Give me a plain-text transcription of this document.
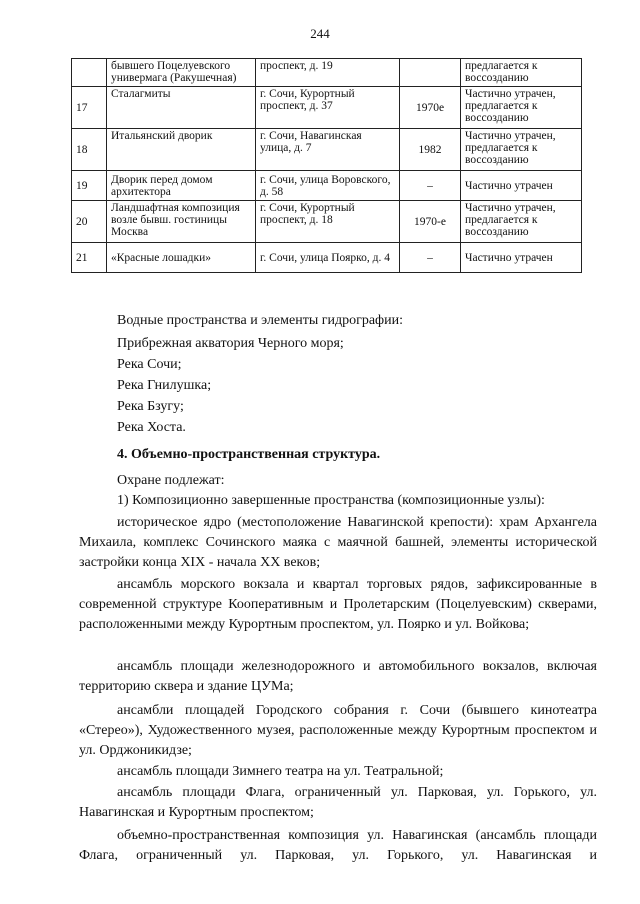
244
	бывшего Поцелуевского универмага (Ракушечная)	проспект, д. 19		предлагается к воссозданию
17	Сталагмиты	г. Сочи, Курортный проспект, д. 37	1970е	Частично утрачен, предлагается к воссозданию
18	Итальянский дворик	г. Сочи, Навагинская улица, д. 7	1982	Частично утрачен, предлагается к воссозданию
19	Дворик перед домом архитектора	г. Сочи, улица Воровского, д. 58	–	Частично утрачен
20	Ландшафтная композиция возле бывш. гостиницы Москва	г. Сочи, Курортный проспект, д. 18	1970-е	Частично утрачен, предлагается к воссозданию
21	«Красные лошадки»	г. Сочи, улица Поярко, д. 4	–	Частично утрачен
Водные пространства и элементы гидрографии:
Прибрежная акватория Черного моря;
Река Сочи;
Река Гнилушка;
Река Бзугу;
Река Хоста.
4. Объемно-пространственная структура.
Охране подлежат:
1) Композиционно завершенные пространства (композиционные узлы):
историческое ядро (местоположение Навагинской крепости): храм Архангела Михаила, комплекс Сочинского маяка с маячной башней, элементы исторической застройки конца XIX - начала XX веков;
ансамбль морского вокзала и квартал торговых рядов, зафиксированные в современной структуре Кооперативным и Пролетарским (Поцелуевским) скверами, расположенными между Курортным проспектом, ул. Поярко и ул. Войкова;
ансамбль площади железнодорожного и автомобильного вокзалов, включая территорию сквера и здание ЦУМа;
ансамбли площадей Городского собрания г. Сочи (бывшего кинотеатра «Стерео»), Художественного музея, расположенные между Курортным проспектом и ул. Орджоникидзе;
ансамбль площади Зимнего театра на ул. Театральной;
ансамбль площади Флага, ограниченный ул. Парковая, ул. Горького, ул. Навагинская и Курортным проспектом;
объемно-пространственная композиция ул. Навагинская (ансамбль площади Флага, ограниченный ул. Парковая, ул. Горького, ул. Навагинская и
